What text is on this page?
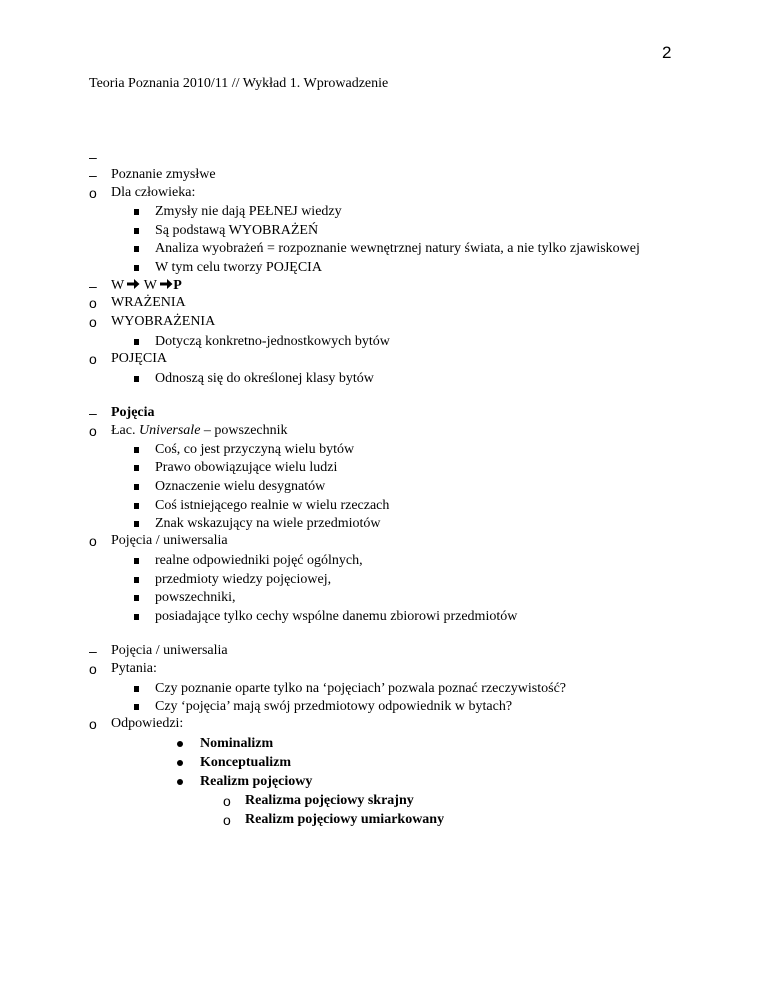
2
Teoria Poznania 2010/11 // Wykład 1. Wprowadzenie
–
– Poznanie zmysłwe
o Dla człowieka:
Zmysły nie dają PEŁNEJ wiedzy
Są podstawą WYOBRAŻEŃ
Analiza wyobrażeń = rozpoznanie wewnętrznej natury świata, a nie tylko zjawiskowej
W tym celu tworzy POJĘCIA
– W W P
o WRAŻENIA
o WYOBRAŻENIA
Dotyczą konkretno-jednostkowych bytów
o POJĘCIA
Odnoszą się do określonej klasy bytów
– Pojęcia
o Łac. Universale – powszechnik
Coś, co jest przyczyną wielu bytów
Prawo obowiązujące wielu ludzi
Oznaczenie wielu desygnatów
Coś istniejącego realnie w wielu rzeczach
Znak wskazujący na wiele przedmiotów
o Pojęcia / uniwersalia
realne odpowiedniki pojęć ogólnych,
przedmioty wiedzy pojęciowej,
powszechniki,
posiadające tylko cechy wspólne danemu zbiorowi przedmiotów
– Pojęcia / uniwersalia
o Pytania:
Czy poznanie oparte tylko na ‘pojęciach’ pozwala poznać rzeczywistość?
Czy ‘pojęcia’ mają swój przedmiotowy odpowiednik w bytach?
o Odpowiedzi:
Nominalizm
Konceptualizm
Realizm pojęciowy
o Realizma pojęciowy skrajny
o Realizm pojęciowy umiarkowany
